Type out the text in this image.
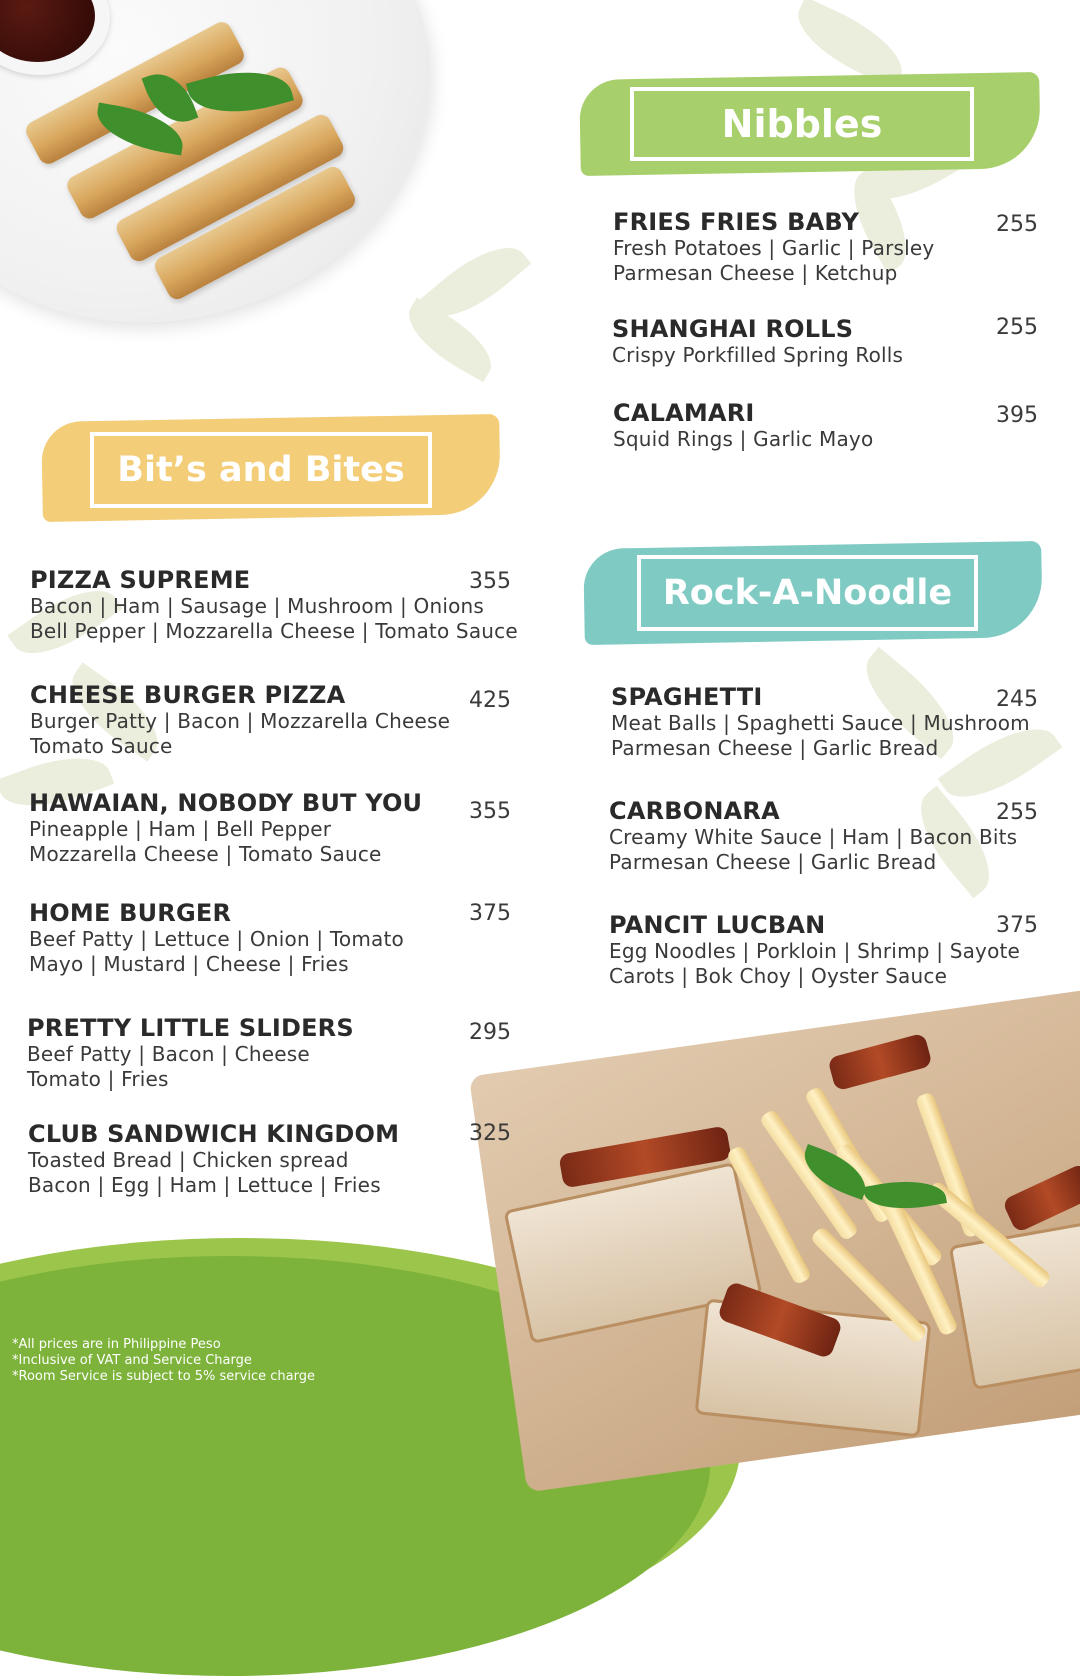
Nibbles
FRIES FRIES BABY
Fresh Potatoes | Garlic | Parsley
Parmesan Cheese | Ketchup
255
SHANGHAI ROLLS
Crispy Porkfilled Spring Rolls
255
CALAMARI
Squid Rings | Garlic Mayo
395
Bit’s and Bites
PIZZA SUPREME
Bacon | Ham | Sausage | Mushroom | Onions
Bell Pepper | Mozzarella Cheese | Tomato Sauce
355
CHEESE BURGER PIZZA
Burger Patty | Bacon | Mozzarella Cheese
Tomato Sauce
425
HAWAIAN, NOBODY BUT YOU
Pineapple | Ham | Bell Pepper
Mozzarella Cheese | Tomato Sauce
355
HOME BURGER
Beef Patty | Lettuce | Onion | Tomato
Mayo | Mustard | Cheese | Fries
375
PRETTY LITTLE SLIDERS
Beef Patty | Bacon | Cheese
Tomato | Fries
295
CLUB SANDWICH KINGDOM
Toasted Bread | Chicken spread
Bacon | Egg | Ham | Lettuce | Fries
325
Rock-A-Noodle
SPAGHETTI
Meat Balls | Spaghetti Sauce | Mushroom
Parmesan Cheese | Garlic Bread
245
CARBONARA
Creamy White Sauce | Ham | Bacon Bits
Parmesan Cheese | Garlic Bread
255
PANCIT LUCBAN
Egg Noodles | Porkloin | Shrimp | Sayote
Carots | Bok Choy | Oyster Sauce
375
*All prices are in Philippine Peso
*Inclusive of VAT and Service Charge
*Room Service is subject to 5% service charge
